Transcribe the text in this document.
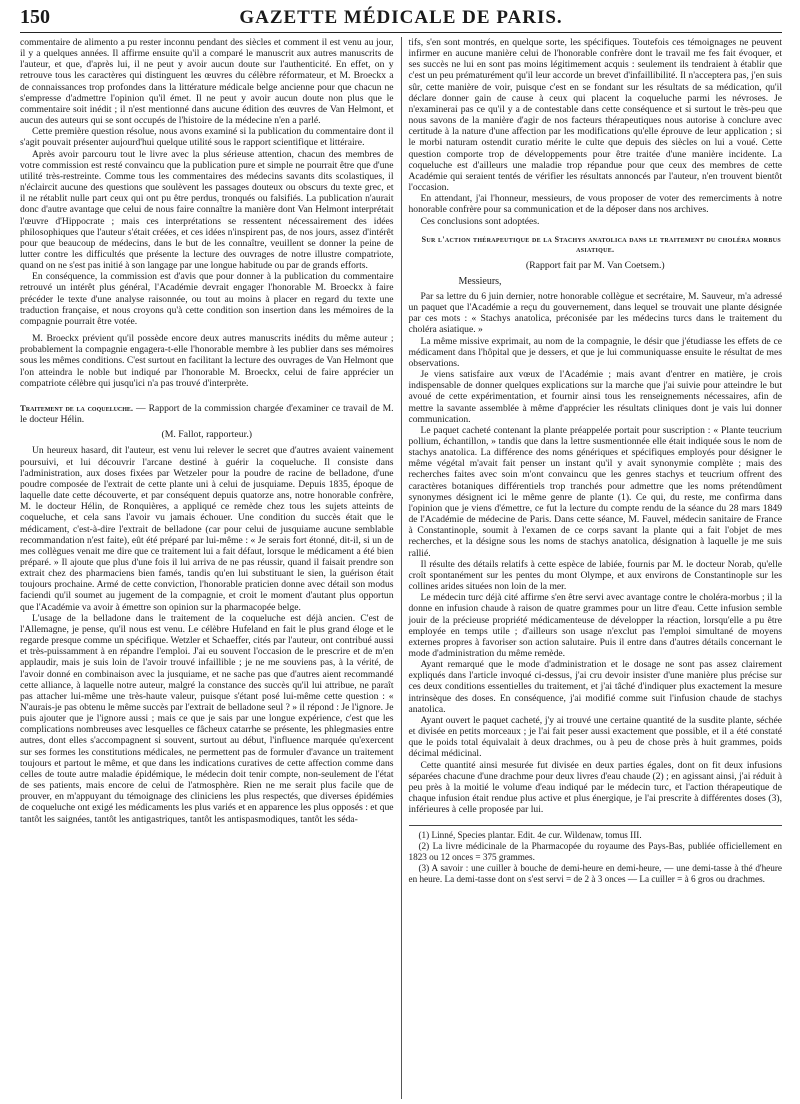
150	GAZETTE MÉDICALE DE PARIS.

commentaire de alimento a pu rester inconnu pendant des siècles et comment il est venu au jour, il y a quelques années. Il affirme ensuite qu'il a comparé le manuscrit aux autres manuscrits de l'auteur, et que, d'après lui, il ne peut y avoir aucun doute sur l'authenticité. En effet, on y retrouve tous les caractères qui distinguent les œuvres du célèbre réformateur, et M. Broeckx a de connaissances trop profondes dans la littérature médicale belge ancienne pour que chacun ne s'empresse d'admettre l'opinion qu'il émet. Il ne peut y avoir aucun doute non plus que le commentaire soit inédit ; il n'est mentionné dans aucune édition des œuvres de Van Helmont, et aucun des auteurs qui se sont occupés de l'histoire de la médecine n'en a parlé.

Cette première question résolue, nous avons examiné si la publication du commentaire dont il s'agit pouvait présenter aujourd'hui quelque utilité sous le rapport scientifique et littéraire.

Après avoir parcouru tout le livre avec la plus sérieuse attention, chacun des membres de votre commission est resté convaincu que la publication pure et simple ne pourrait être que d'une utilité très-restreinte. Comme tous les commentaires des médecins savants dits scolastiques, il n'éclaircit aucune des questions que soulèvent les passages douteux ou obscurs du texte grec, et il ne rétablit nulle part ceux qui ont pu être perdus, tronqués ou falsifiés. La publication n'aurait donc d'autre avantage que celui de nous faire connaître la manière dont Van Helmont interprétait l'œuvre d'Hippocrate ; mais ces interprétations se ressentent nécessairement des idées philosophiques que l'auteur s'était créées, et ces idées n'inspirent pas, de nos jours, assez d'intérêt pour que beaucoup de médecins, dans le but de les connaître, veuillent se donner la peine de lutter contre les difficultés que présente la lecture des ouvrages de notre illustre compatriote, quand on ne s'est pas initié à son langage par une longue habitude ou par de grands efforts.

En conséquence, la commission est d'avis que pour donner à la publication du commentaire retrouvé un intérêt plus général, l'Académie devrait engager l'honorable M. Broeckx à faire précéder le texte d'une analyse raisonnée, ou tout au moins à placer en regard du texte une traduction française, et nous croyons qu'à cette condition son insertion dans les mémoires de la compagnie pourrait être votée.

M. Broeckx prévient qu'il possède encore deux autres manuscrits inédits du même auteur ; probablement la compagnie engagera-t-elle l'honorable membre à les publier dans ses mémoires sous les mêmes conditions. C'est surtout en facilitant la lecture des ouvrages de Van Helmont que l'on atteindra le noble but indiqué par l'honorable M. Broeckx, celui de faire apprécier un compatriote célèbre qui jusqu'ici n'a pas trouvé d'interprète.

Traitement de la coqueluche. — Rapport de la commission chargée d'examiner ce travail de M. le docteur Hélin.

(M. Fallot, rapporteur.)

Un heureux hasard, dit l'auteur, est venu lui relever le secret que d'autres avaient vainement poursuivi, et lui découvrir l'arcane destiné à guérir la coqueluche. Il consiste dans l'administration, aux doses fixées par Wetzeler pour la poudre de racine de belladone, d'une poudre composée de l'extrait de cette plante uni à celui de jusquiame. Depuis 1835, époque de laquelle date cette découverte, et par conséquent depuis quatorze ans, notre honorable confrère, M. le docteur Hélin, de Ronquières, a appliqué ce remède chez tous les sujets atteints de coqueluche, et cela sans l'avoir vu jamais échouer. Une condition du succès était que le médicament, c'est-à-dire l'extrait de belladone (car pour celui de jusquiame aucune semblable recommandation n'est faite), eût été préparé par lui-même : « Je serais fort étonné, dit-il, si un de mes collègues venait me dire que ce traitement lui a fait défaut, lorsque le médicament a été bien préparé. » Il ajoute que plus d'une fois il lui arriva de ne pas réussir, quand il faisait prendre son extrait chez des pharmaciens bien famés, tandis qu'en lui substituant le sien, la guérison était toujours prochaine. Armé de cette conviction, l'honorable praticien donne avec détail son modus faciendi qu'il soumet au jugement de la compagnie, et croit le moment d'autant plus opportun que l'Académie va avoir à émettre son opinion sur la pharmacopée belge.

L'usage de la belladone dans le traitement de la coqueluche est déjà ancien. C'est de l'Allemagne, je pense, qu'il nous est venu. Le célèbre Hufeland en fait le plus grand éloge et le regarde presque comme un spécifique. Wetzler et Schaeffer, cités par l'auteur, ont contribué aussi et très-puissamment à en répandre l'emploi. J'ai eu souvent l'occasion de le prescrire et de m'en applaudir, mais je suis loin de l'avoir trouvé infaillible ; je ne me souviens pas, à la vérité, de l'avoir donné en combinaison avec la jusquiame, et ne sache pas que d'autres aient recommandé cette alliance, à laquelle notre auteur, malgré la constance des succès qu'il lui attribue, ne paraît pas attacher lui-même une très-haute valeur, puisque s'étant posé lui-même cette question : « N'aurais-je pas obtenu le même succès par l'extrait de belladone seul ? » il répond : Je l'ignore. Je puis ajouter que je l'ignore aussi ; mais ce que je sais par une longue expérience, c'est que les complications nombreuses avec lesquelles ce fâcheux catarrhe se présente, les phlegmasies entre autres, dont elles s'accompagnent si souvent, surtout au début, l'influence marquée qu'exercent sur ses formes les constitutions médicales, ne permettent pas de formuler d'avance un traitement toujours et partout le même, et que dans les indications curatives de cette affection comme dans celles de toute autre maladie épidémique, le médecin doit tenir compte, non-seulement de l'état de ses patients, mais encore de celui de l'atmosphère. Rien ne me serait plus facile que de prouver, en m'appuyant du témoignage des cliniciens les plus respectés, que diverses épidémies de coqueluche ont exigé les médicaments les plus variés et en apparence les plus opposés : et que tantôt les saignées, tantôt les antigastriques, tantôt les antispasmodiques, tantôt les séda-

tifs, s'en sont montrés, en quelque sorte, les spécifiques. Toutefois ces témoignages ne peuvent infirmer en aucune manière celui de l'honorable confrère dont le travail me fes fait évoquer, et ses succès ne lui en sont pas moins légitimement acquis : seulement ils tendraient à établir que c'est un peu prématurément qu'il leur accorde un brevet d'infaillibilité. Il n'acceptera pas, j'en suis sûr, cette manière de voir, puisque c'est en se fondant sur les résultats de sa médication, qu'il déclare donner gain de cause à ceux qui placent la coqueluche parmi les névroses. Je n'examinerai pas ce qu'il y a de contestable dans cette conséquence et si surtout le très-peu que nous savons de la manière d'agir de nos facteurs thérapeutiques nous autorise à conclure avec certitude à la nature d'une affection par les modifications qu'elle éprouve de leur application ; si le morbi naturam ostendit curatio mérite le culte que depuis des siècles on lui a voué. Cette question comporte trop de développements pour être traitée d'une manière incidente. La coqueluche est d'ailleurs une maladie trop répandue pour que ceux des membres de cette Académie qui seraient tentés de vérifier les résultats annoncés par l'auteur, n'en trouvent bientôt l'occasion.

En attendant, j'ai l'honneur, messieurs, de vous proposer de voter des remerciments à notre honorable confrère pour sa communication et de la déposer dans nos archives.

Ces conclusions sont adoptées.

Sur l'action thérapeutique de la Stachys anatolica dans le traitement du choléra morbus asiatique.

(Rapport fait par M. Van Coetsem.)

Messieurs,

Par sa lettre du 6 juin dernier, notre honorable collègue et secrétaire, M. Sauveur, m'a adressé un paquet que l'Académie a reçu du gouvernement, dans lequel se trouvait une plante désignée par ces mots : « Stachys anatolica, préconisée par les médecins turcs dans le traitement du choléra asiatique. »

La même missive exprimait, au nom de la compagnie, le désir que j'étudiasse les effets de ce médicament dans l'hôpital que je dessers, et que je lui communiquasse ensuite le résultat de mes observations.

Je viens satisfaire aux vœux de l'Académie ; mais avant d'entrer en matière, je crois indispensable de donner quelques explications sur la marche que j'ai suivie pour atteindre le but avoué de cette expérimentation, et fournir ainsi tous les renseignements nécessaires, afin de mettre la savante assemblée à même d'apprécier les résultats cliniques dont je vais lui donner communication.

Le paquet cacheté contenant la plante préappelée portait pour suscription : « Plante teucrium pollium, échantillon, » tandis que dans la lettre susmentionnée elle était indiquée sous le nom de stachys anatolica. La différence des noms génériques et spécifiques employés pour désigner le même végétal m'avait fait penser un instant qu'il y avait synonymie complète ; mais des recherches faites avec soin m'ont convaincu que les genres stachys et teucrium offrent des caractères botaniques différentiels trop tranchés pour admettre que les noms prétendûment synonymes désignent ici le même genre de plante (1). Ce qui, du reste, me confirma dans l'opinion que je viens d'émettre, ce fut la lecture du compte rendu de la séance du 28 mars 1849 de l'Académie de médecine de Paris. Dans cette séance, M. Fauvel, médecin sanitaire de France à Constantinople, soumit à l'examen de ce corps savant la plante qui a fait l'objet de mes recherches, et la désigne sous les noms de stachys anatolica, désignation à laquelle je me suis rallié.

Il résulte des détails relatifs à cette espèce de labiée, fournis par M. le docteur Norab, qu'elle croît spontanément sur les pentes du mont Olympe, et aux environs de Constantinople sur les collines arides situées non loin de la mer.

Le médecin turc déjà cité affirme s'en être servi avec avantage contre le choléra-morbus ; il la donne en infusion chaude à raison de quatre grammes pour un litre d'eau. Cette infusion semble jouir de la précieuse propriété médicamenteuse de développer la réaction, lorsqu'elle a pu être employée en temps utile ; d'ailleurs son usage n'exclut pas l'emploi simultané de moyens externes propres à favoriser son action salutaire. Puis il entre dans d'autres détails concernant le mode d'administration du même remède.

Ayant remarqué que le mode d'administration et le dosage ne sont pas assez clairement expliqués dans l'article invoqué ci-dessus, j'ai cru devoir insister d'une manière plus précise sur ces deux conditions essentielles du traitement, et j'ai tâché d'indiquer plus exactement la mesure intrinsèque des doses. En conséquence, j'ai modifié comme suit l'infusion chaude de stachys anatolica.

Ayant ouvert le paquet cacheté, j'y ai trouvé une certaine quantité de la susdite plante, séchée et divisée en petits morceaux ; je l'ai fait peser aussi exactement que possible, et il a été constaté que le poids total équivalait à deux drachmes, ou à peu de chose près à huit grammes, poids décimal médicinal.

Cette quantité ainsi mesurée fut divisée en deux parties égales, dont on fit deux infusions séparées chacune d'une drachme pour deux livres d'eau chaude (2) ; en agissant ainsi, j'ai réduit à peu près à la moitié le volume d'eau indiqué par le médecin turc, et l'action thérapeutique de chaque infusion était rendue plus active et plus énergique, je l'ai prescrite à différentes doses (3), inférieures à celle proposée par lui.

(1) Linné, Species plantar. Edit. 4e cur. Wildenaw, tomus III.

(2) La livre médicinale de la Pharmacopée du royaume des Pays-Bas, publiée officiellement en 1823 ou 12 onces = 375 grammes.

(3) A savoir : une cuiller à bouche de demi-heure en demi-heure, — une demi-tasse à thé d'heure en heure. La demi-tasse dont on s'est servi = de 2 à 3 onces — La cuiller = à 6 gros ou drachmes.
